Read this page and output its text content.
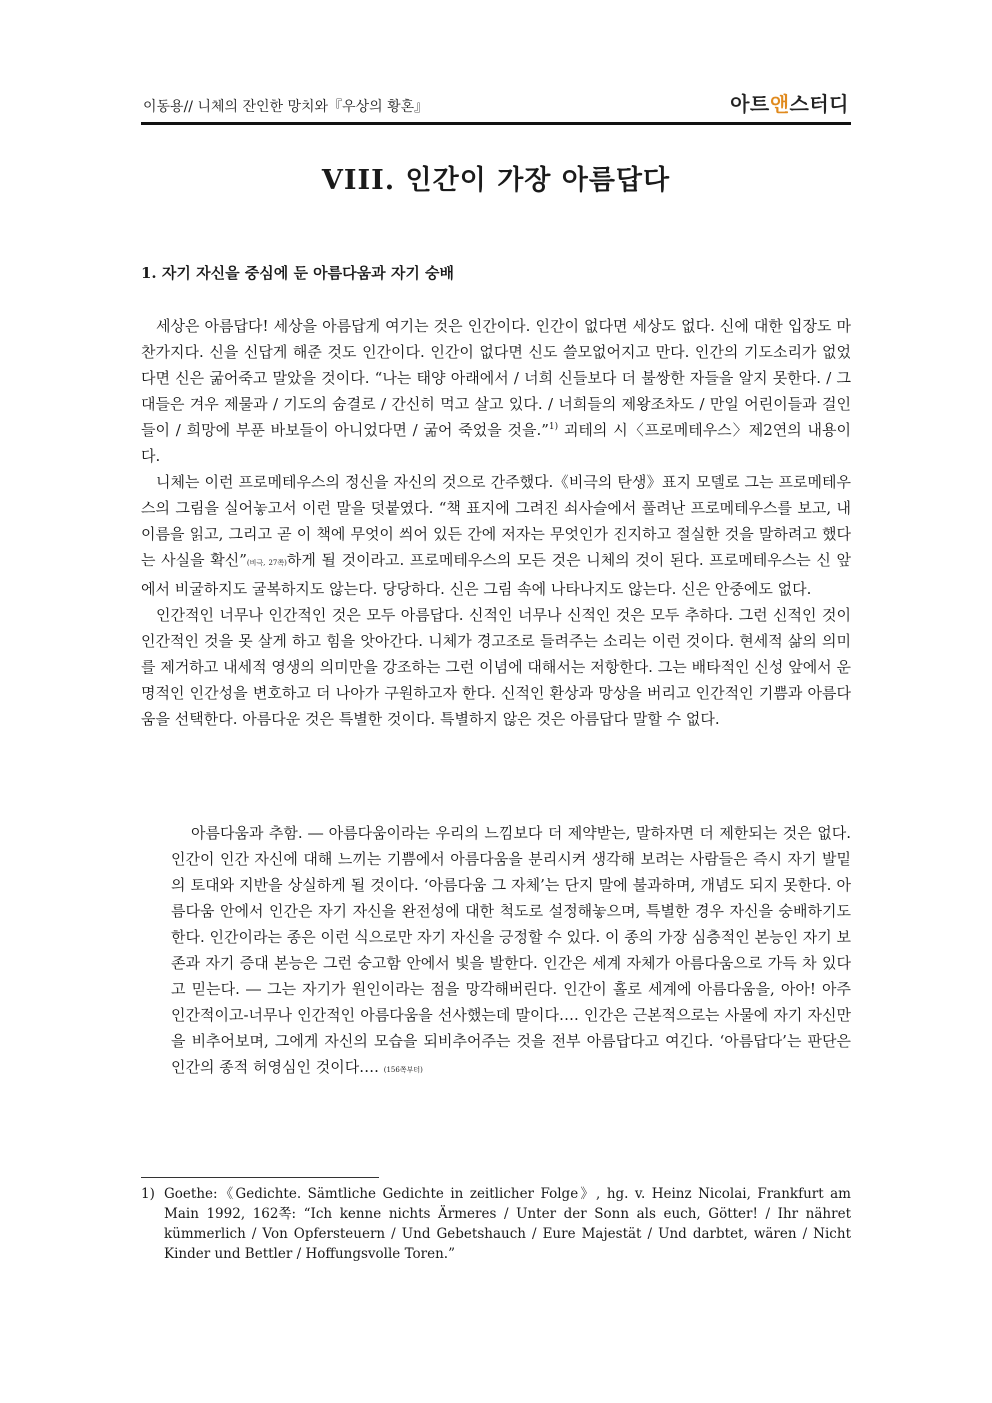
이동용// 니체의 잔인한 망치와『우상의 황혼』	아트앤스터디
VIII. 인간이 가장 아름답다
1. 자기 자신을 중심에 둔 아름다움과 자기 숭배

세상은 아름답다! 세상을 아름답게 여기는 것은 인간이다. 인간이 없다면 세상도 없다. 신에 대한 입장도 마찬가지다. 신을 신답게 해준 것도 인간이다. 인간이 없다면 신도 쓸모없어지고 만다. 인간의 기도소리가 없었다면 신은 굶어죽고 말았을 것이다. “나는 태양 아래에서 / 너희 신들보다 더 불쌍한 자들을 알지 못한다. / 그대들은 겨우 제물과 / 기도의 숨결로 / 간신히 먹고 살고 있다. / 너희들의 제왕조차도 / 만일 어린이들과 걸인들이 / 희망에 부푼 바보들이 아니었다면 / 굶어 죽었을 것을.”$^{1)}$ 괴테의 시〈프로메테우스〉제2연의 내용이다.

니체는 이런 프로메테우스의 정신을 자신의 것으로 간주했다.《비극의 탄생》표지 모델로 그는 프로메테우스의 그림을 실어놓고서 이런 말을 덧붙였다. “책 표지에 그려진 쇠사슬에서 풀려난 프로메테우스를 보고, 내 이름을 읽고, 그리고 곧 이 책에 무엇이 씌어 있든 간에 저자는 무엇인가 진지하고 절실한 것을 말하려고 했다는 사실을 확신”(비극, 27쪽)하게 될 것이라고. 프로메테우스의 모든 것은 니체의 것이 된다. 프로메테우스는 신 앞에서 비굴하지도 굴복하지도 않는다. 당당하다. 신은 그림 속에 나타나지도 않는다. 신은 안중에도 없다.

인간적인 너무나 인간적인 것은 모두 아름답다. 신적인 너무나 신적인 것은 모두 추하다. 그런 신적인 것이 인간적인 것을 못 살게 하고 힘을 앗아간다. 니체가 경고조로 들려주는 소리는 이런 것이다. 현세적 삶의 의미를 제거하고 내세적 영생의 의미만을 강조하는 그런 이념에 대해서는 저항한다. 그는 배타적인 신성 앞에서 운명적인 인간성을 변호하고 더 나아가 구원하고자 한다. 신적인 환상과 망상을 버리고 인간적인 기쁨과 아름다움을 선택한다. 아름다운 것은 특별한 것이다. 특별하지 않은 것은 아름답다 말할 수 없다.

아름다움과 추함. ― 아름다움이라는 우리의 느낌보다 더 제약받는, 말하자면 더 제한되는 것은 없다. 인간이 인간 자신에 대해 느끼는 기쁨에서 아름다움을 분리시켜 생각해 보려는 사람들은 즉시 자기 발밑의 토대와 지반을 상실하게 될 것이다. ‘아름다움 그 자체’는 단지 말에 불과하며, 개념도 되지 못한다. 아름다움 안에서 인간은 자기 자신을 완전성에 대한 척도로 설정해놓으며, 특별한 경우 자신을 숭배하기도 한다. 인간이라는 종은 이런 식으로만 자기 자신을 긍정할 수 있다. 이 종의 가장 심층적인 본능인 자기 보존과 자기 증대 본능은 그런 숭고함 안에서 빛을 발한다. 인간은 세계 자체가 아름다움으로 가득 차 있다고 믿는다. ― 그는 자기가 원인이라는 점을 망각해버린다. 인간이 홀로 세계에 아름다움을, 아아! 아주 인간적이고-너무나 인간적인 아름다움을 선사했는데 말이다…. 인간은 근본적으로는 사물에 자기 자신만을 비추어보며, 그에게 자신의 모습을 되비추어주는 것을 전부 아름답다고 여긴다. ‘아름답다’는 판단은 인간의 종적 허영심인 것이다…. (156쪽부터)

1) Goethe:《Gedichte. Sämtliche Gedichte in zeitlicher Folge》, hg. v. Heinz Nicolai, Frankfurt am Main 1992, 162쪽: “Ich kenne nichts Ärmeres / Unter der Sonn als euch, Götter! / Ihr nähret kümmerlich / Von Opfersteuern / Und Gebetshauch / Eure Majestät / Und darbtet, wären / Nicht Kinder und Bettler / Hoffungsvolle Toren.”
